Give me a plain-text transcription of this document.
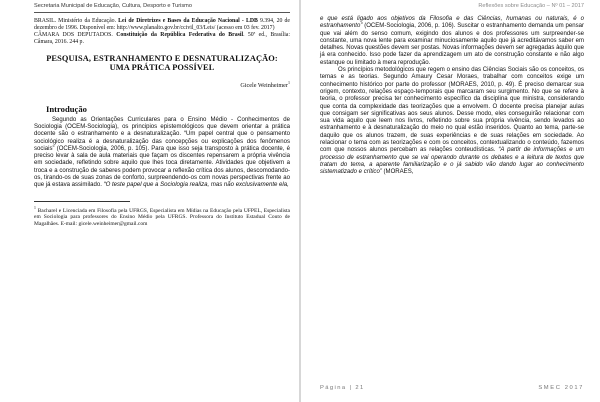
Secretaria Municipal de Educação, Cultura, Desporto e Turismo

BRASIL. Ministério da Educação. Lei de Diretrizes e Bases da Educação Nacional - LDB 9.394, 20 de dezembro de 1996. Disponível em: http://www.planalto.gov.br/ccivil_03/Leis/ (acesso em 03 fev. 2017)

CÂMARA DOS DEPUTADOS. Constituição da República Federativa do Brasil. 50ª ed., Brasília: Câmara, 2016. 244 p.

PESQUISA, ESTRANHAMENTO E DESNATURALIZAÇÃO: UMA PRÁTICA POSSÍVEL
Gicele Weinheimer$^1$
Introdução

Segundo as Orientações Curriculares para o Ensino Médio - Conhecimentos de Sociologia (OCEM-Sociologia), os principios epistemológicos que devem orientar a prática docente são o estranhamento e a desnaturalização. “Um papel central que o pensamento sociológico realiza é a desnaturalização das concepções ou explicações dos fenômenos sociais” (OCEM-Sociologia, 2006, p. 105). Para que isso seja transposto à prática docente, é preciso levar à sala de aula materiais que façam os discentes repensarem a própria vivência em sociedade, refletindo sobre aquilo que lhes toca diretamente. Atividades que objetivem a troca e a construção de saberes podem provocar a reflexão crítica dos alunos, descomodando-os, tirando-os de suas zonas de conforto, surpreendendo-os com novas perspectivas frente ao que já estava assimilado. “O teste papel que a Sociologia realiza, mas não exclusivamente ela,

$^1$ Bacharel e Licenciada em Filosofia pela UFRGS, Especialista em Mídias na Educação pela UFPEL, Especialista em Sociologia para professores do Ensino Médio pela UFRGS. Professora do Instituto Estadual Couto de Magalhães. E-mail: gicele.weinheimer@gmail.com
Reflexões sobre Educação – Nº 01 – 2017

e que está ligado aos objetivos da Filosofia e das Ciências, humanas ou naturais, é o estranhamento” (OCEM-Sociologia, 2006, p. 106). Suscitar o estranhamento demanda um pensar que vai além do senso comum, exigindo dos alunos e dos professores um surpreender-se constante, uma nova lente para examinar minuciosamente aquilo que já acreditávamos saber em detalhes. Novas questões devem ser postas. Novas informações devem ser agregadas àquilo que já era conhecido. Isso pode fazer da aprendizagem um ato de construção constante e não algo estanque ou limitado à mera reprodução.

Os princípios metodológicos que regem o ensino das Ciências Sociais são os conceitos, os temas e as teorias. Segundo Amaury Cesar Moraes, trabalhar com conceitos exige um conhecimento histórico por parte do professor (MORAES, 2010, p. 49). É preciso demarcar sua origem, contexto, relações espaço-temporais que marcaram seu surgimento. No que se refere à teoria, o professor precisa ter conhecimento específico da disciplina que ministra, considerando que conta da complexidade das teorizações que a envolvem. O docente precisa planejar aulas que consigam ser significativas aos seus alunos. Desse modo, eles conseguirão relacionar com sua vida aquilo que leem nos livros, refletindo sobre sua própria vivência, sendo levados ao estranhamento e à desnaturalização do meio no qual estão inseridos. Quanto ao tema, parte-se daquilo que os alunos trazem, de suas experiências e de suas relações em sociedade. Ao relacionar o tema com as teorizações e com os conceitos, contextualizando o conteúdo, fazemos com que nossos alunos percebam as relações conteudísticas. “A partir de informações e um processo de estranhamento que se vai operando durante os debates e a leitura de textos que tratam do tema, a aparente familiarização e o já sabido vão dando lugar ao conhecimento sistematizado e crítico” (MORAES,

Página | 21	SMEC 2017
